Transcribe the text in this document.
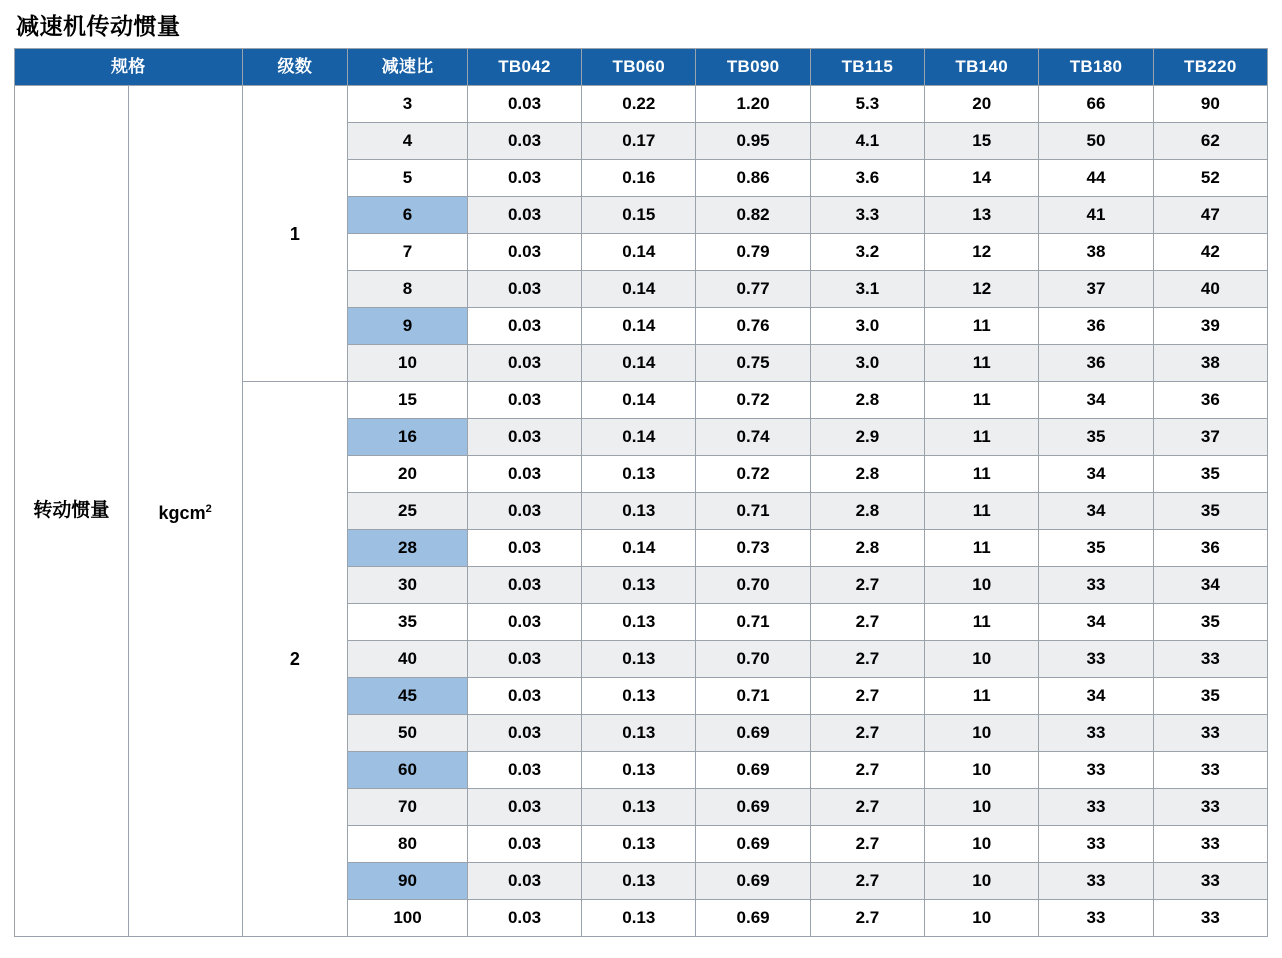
减速机传动惯量
规格		级数	减速比	TB042	TB060	TB090	TB115	TB140	TB180	TB220
转动惯量	kgcm$^2$	1	3	0.03	0.22	1.20	5.3	20	66	90
			4	0.03	0.17	0.95	4.1	15	50	62
			5	0.03	0.16	0.86	3.6	14	44	52
			6	0.03	0.15	0.82	3.3	13	41	47
			7	0.03	0.14	0.79	3.2	12	38	42
			8	0.03	0.14	0.77	3.1	12	37	40
			9	0.03	0.14	0.76	3.0	11	36	39
			10	0.03	0.14	0.75	3.0	11	36	38
		2	15	0.03	0.14	0.72	2.8	11	34	36
			16	0.03	0.14	0.74	2.9	11	35	37
			20	0.03	0.13	0.72	2.8	11	34	35
			25	0.03	0.13	0.71	2.8	11	34	35
			28	0.03	0.14	0.73	2.8	11	35	36
			30	0.03	0.13	0.70	2.7	10	33	34
			35	0.03	0.13	0.71	2.7	11	34	35
			40	0.03	0.13	0.70	2.7	10	33	33
			45	0.03	0.13	0.71	2.7	11	34	35
			50	0.03	0.13	0.69	2.7	10	33	33
			60	0.03	0.13	0.69	2.7	10	33	33
			70	0.03	0.13	0.69	2.7	10	33	33
			80	0.03	0.13	0.69	2.7	10	33	33
			90	0.03	0.13	0.69	2.7	10	33	33
			100	0.03	0.13	0.69	2.7	10	33	33
